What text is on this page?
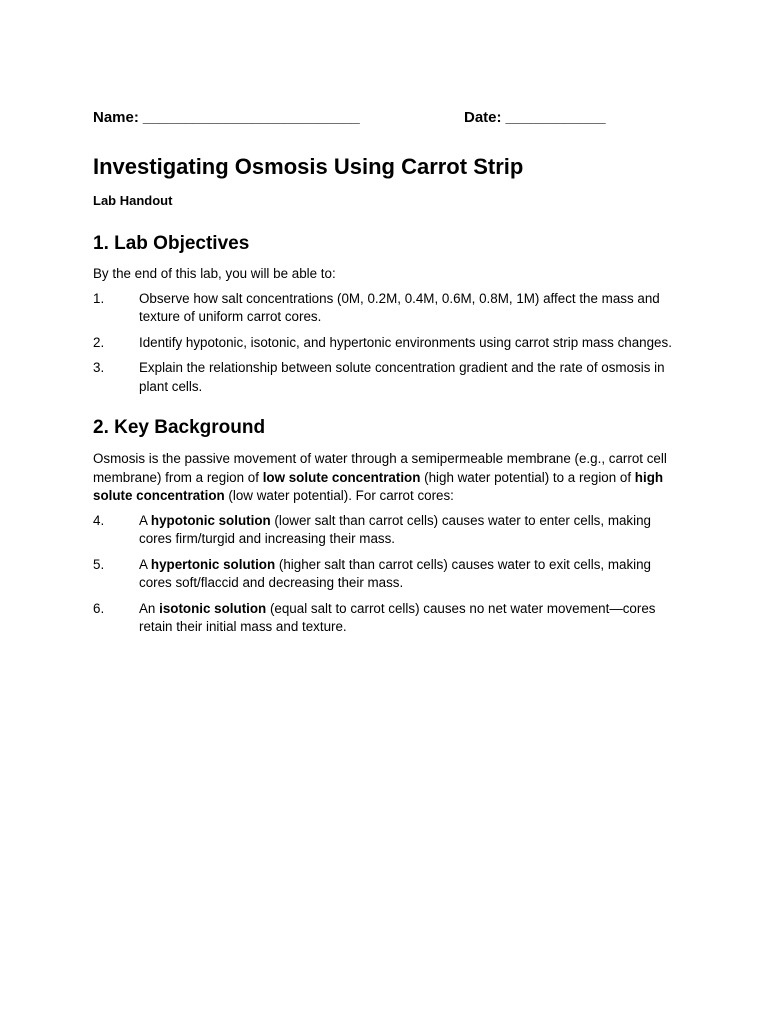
Name: __________________________	Date: ____________
Investigating Osmosis Using Carrot Strip
Lab Handout
1. Lab Objectives

By the end of this lab, you will be able to:

1.	Observe how salt concentrations (0M, 0.2M, 0.4M, 0.6M, 0.8M, 1M) affect the mass and texture of uniform carrot cores.
2.	Identify hypotonic, isotonic, and hypertonic environments using carrot strip mass changes.
3.	Explain the relationship between solute concentration gradient and the rate of osmosis in plant cells.
2. Key Background

Osmosis is the passive movement of water through a semipermeable membrane (e.g., carrot cell membrane) from a region of low solute concentration (high water potential) to a region of high solute concentration (low water potential). For carrot cores:

4.	A hypotonic solution (lower salt than carrot cells) causes water to enter cells, making cores firm/turgid and increasing their mass.
5.	A hypertonic solution (higher salt than carrot cells) causes water to exit cells, making cores soft/flaccid and decreasing their mass.
6.	An isotonic solution (equal salt to carrot cells) causes no net water movement—cores retain their initial mass and texture.
